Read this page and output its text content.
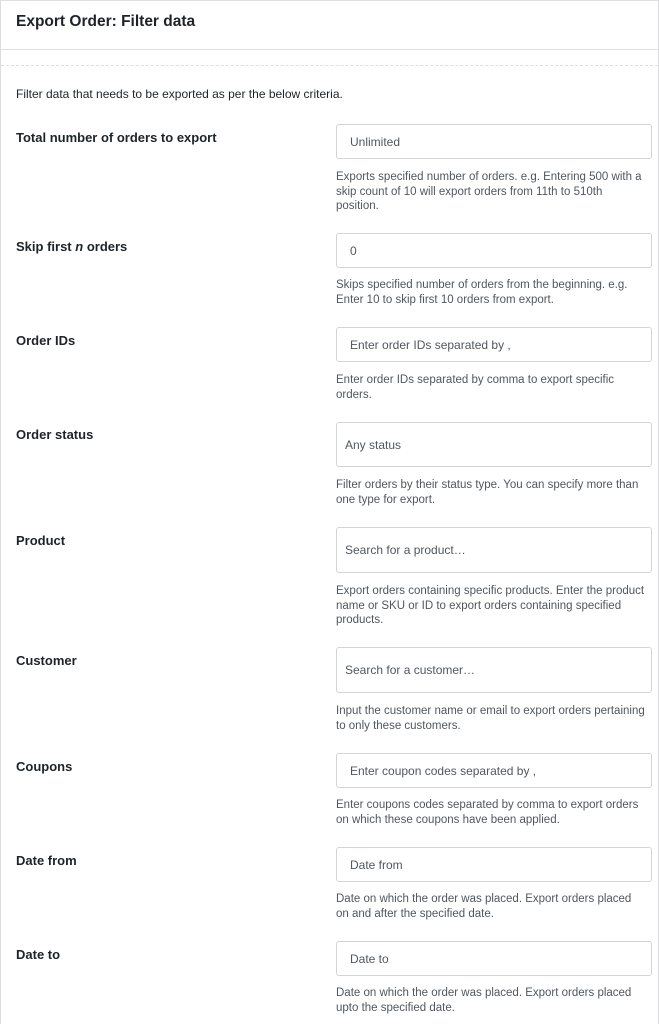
Export Order: Filter data
Filter data that needs to be exported as per the below criteria.
Total number of orders to export
Unlimited
Exports specified number of orders. e.g. Entering 500 with a skip count of 10 will export orders from 11th to 510th position.
Skip first n orders
0
Skips specified number of orders from the beginning. e.g. Enter 10 to skip first 10 orders from export.
Order IDs
Enter order IDs separated by ,
Enter order IDs separated by comma to export specific orders.
Order status
Any status
Filter orders by their status type. You can specify more than one type for export.
Product
Search for a product…
Export orders containing specific products. Enter the product name or SKU or ID to export orders containing specified products.
Customer
Search for a customer…
Input the customer name or email to export orders pertaining to only these customers.
Coupons
Enter coupon codes separated by ,
Enter coupons codes separated by comma to export orders on which these coupons have been applied.
Date from
Date from
Date on which the order was placed. Export orders placed on and after the specified date.
Date to
Date to
Date on which the order was placed. Export orders placed upto the specified date.
